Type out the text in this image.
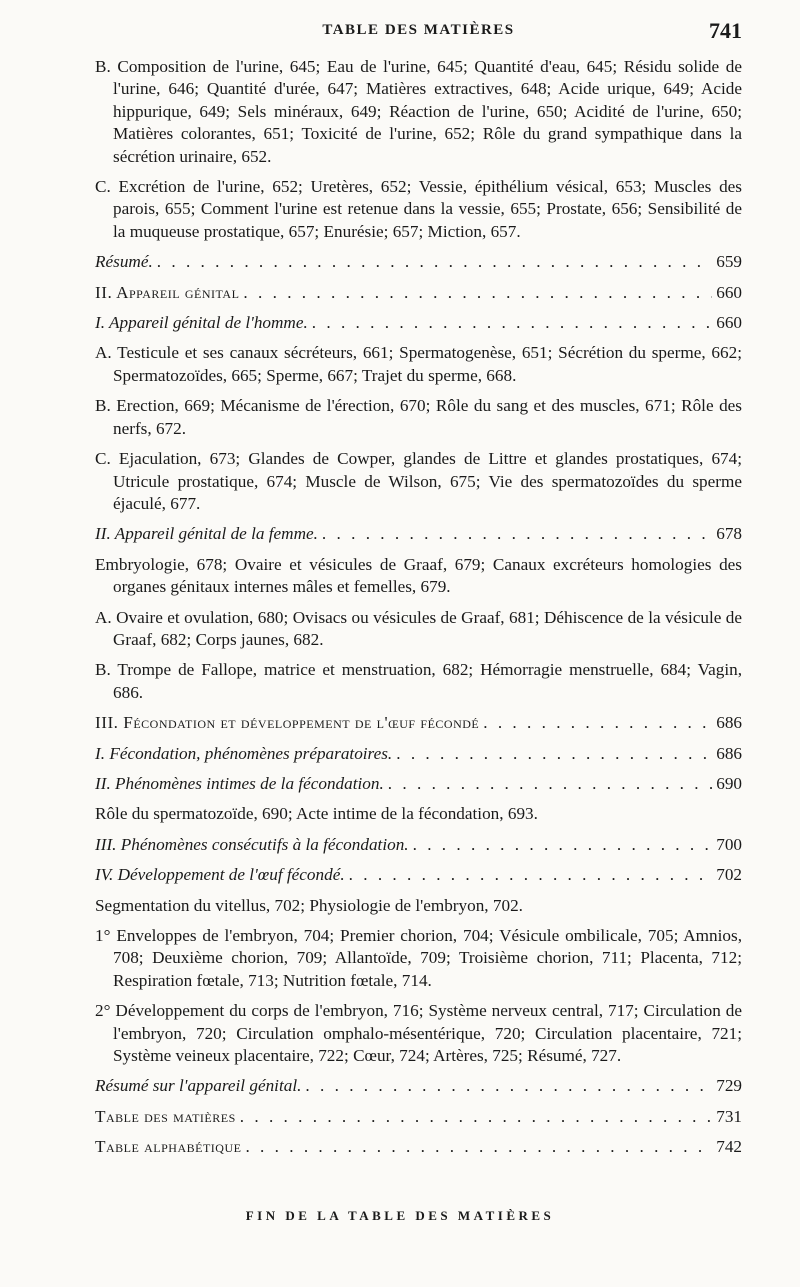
TABLE DES MATIÈRES	741
B. Composition de l'urine, 645; Eau de l'urine, 645; Quantité d'eau, 645; Résidu solide de l'urine, 646; Quantité d'urée, 647; Matières extractives, 648; Acide urique, 649; Acide hippurique, 649; Sels minéraux, 649; Réaction de l'urine, 650; Acidité de l'urine, 650; Matières colorantes, 651; Toxicité de l'urine, 652; Rôle du grand sympathique dans la sécrétion urinaire, 652.
C. Excrétion de l'urine, 652; Uretères, 652; Vessie, épithélium vésical, 653; Muscles des parois, 655; Comment l'urine est retenue dans la vessie, 655; Prostate, 656; Sensibilité de la muqueuse prostatique, 657; Enurésie; 657; Miction, 657.
Résumé. . . .	659
II. Appareil génital . . .	660
I. Appareil génital de l'homme. . . .	660
A. Testicule et ses canaux sécréteurs, 661; Spermatogenèse, 651; Sécrétion du sperme, 662; Spermatozoïdes, 665; Sperme, 667; Trajet du sperme, 668.
B. Erection, 669; Mécanisme de l'érection, 670; Rôle du sang et des muscles, 671; Rôle des nerfs, 672.
C. Ejaculation, 673; Glandes de Cowper, glandes de Littre et glandes prostatiques, 674; Utricule prostatique, 674; Muscle de Wilson, 675; Vie des spermatozoïdes du sperme éjaculé, 677.
II. Appareil génital de la femme. . . .	678
Embryologie, 678; Ovaire et vésicules de Graaf, 679; Canaux excréteurs homologies des organes génitaux internes mâles et femelles, 679.
A. Ovaire et ovulation, 680; Ovisacs ou vésicules de Graaf, 681; Déhiscence de la vésicule de Graaf, 682; Corps jaunes, 682.
B. Trompe de Fallope, matrice et menstruation, 682; Hémorragie menstruelle, 684; Vagin, 686.
III. Fécondation et développement de l'œuf fécondé . . .	686
I. Fécondation, phénomènes préparatoires. . . .	686
II. Phénomènes intimes de la fécondation. . . .	690
Rôle du spermatozoïde, 690; Acte intime de la fécondation, 693.
III. Phénomènes consécutifs à la fécondation. . . .	700
IV. Développement de l'œuf fécondé. . . .	702
Segmentation du vitellus, 702; Physiologie de l'embryon, 702.
1° Enveloppes de l'embryon, 704; Premier chorion, 704; Vésicule ombilicale, 705; Amnios, 708; Deuxième chorion, 709; Allantoïde, 709; Troisième chorion, 711; Placenta, 712; Respiration fœtale, 713; Nutrition fœtale, 714.
2° Développement du corps de l'embryon, 716; Système nerveux central, 717; Circulation de l'embryon, 720; Circulation omphalo-mésentérique, 720; Circulation placentaire, 721; Système veineux placentaire, 722; Cœur, 724; Artères, 725; Résumé, 727.
Résumé sur l'appareil génital. . . .	729
Table des matières . . .	731
Table alphabétique . . .	742
FIN DE LA TABLE DES MATIÈRES
